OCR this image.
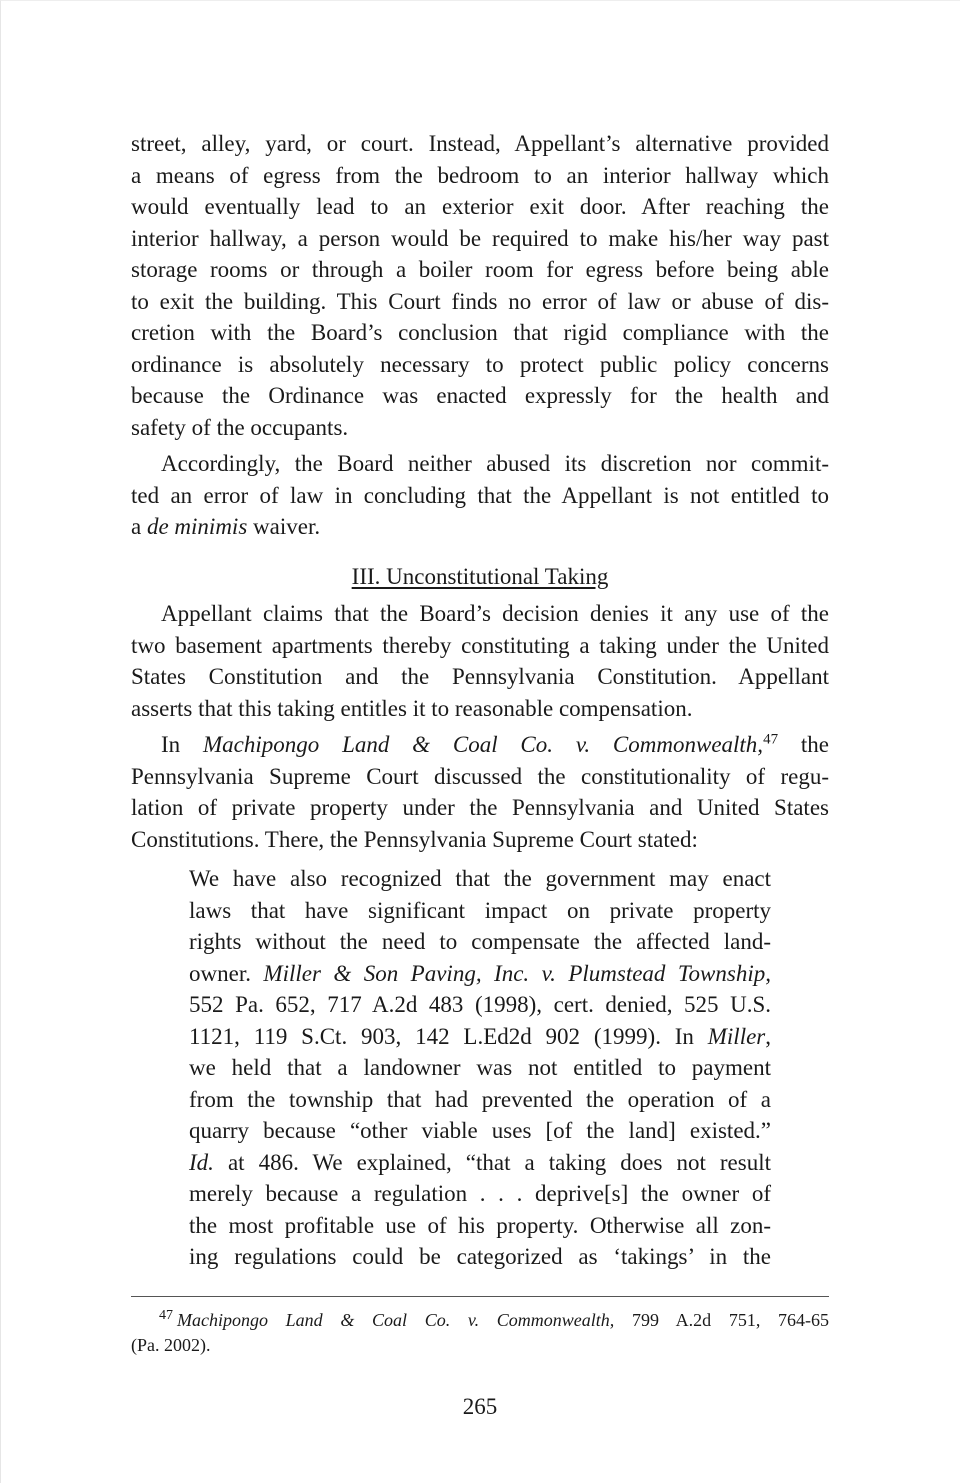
street, alley, yard, or court. Instead, Appellant’s alternative provided
a means of egress from the bedroom to an interior hallway which
would eventually lead to an exterior exit door. After reaching the
interior hallway, a person would be required to make his/her way past
storage rooms or through a boiler room for egress before being able
to exit the building. This Court finds no error of law or abuse of dis-
cretion with the Board’s conclusion that rigid compliance with the
ordinance is absolutely necessary to protect public policy concerns
because the Ordinance was enacted expressly for the health and
safety of the occupants.
Accordingly, the Board neither abused its discretion nor commit-
ted an error of law in concluding that the Appellant is not entitled to
a de minimis waiver.
III. Unconstitutional Taking
Appellant claims that the Board’s decision denies it any use of the
two basement apartments thereby constituting a taking under the United
States Constitution and the Pennsylvania Constitution. Appellant
asserts that this taking entitles it to reasonable compensation.
In Machipongo Land & Coal Co. v. Commonwealth,$^{47}$ the
Pennsylvania Supreme Court discussed the constitutionality of regu-
lation of private property under the Pennsylvania and United States
Constitutions. There, the Pennsylvania Supreme Court stated:
We have also recognized that the government may enact
laws that have significant impact on private property
rights without the need to compensate the affected land-
owner. Miller & Son Paving, Inc. v. Plumstead Township,
552 Pa. 652, 717 A.2d 483 (1998), cert. denied, 525 U.S.
1121, 119 S.Ct. 903, 142 L.Ed2d 902 (1999). In Miller,
we held that a landowner was not entitled to payment
from the township that had prevented the operation of a
quarry because “other viable uses [of the land] existed.”
Id. at 486. We explained, “that a taking does not result
merely because a regulation . . . deprive[s] the owner of
the most profitable use of his property. Otherwise all zon-
ing regulations could be categorized as ‘takings’ in the
$^{47}$ Machipongo Land & Coal Co. v. Commonwealth, 799 A.2d 751, 764-65
(Pa. 2002).
265
